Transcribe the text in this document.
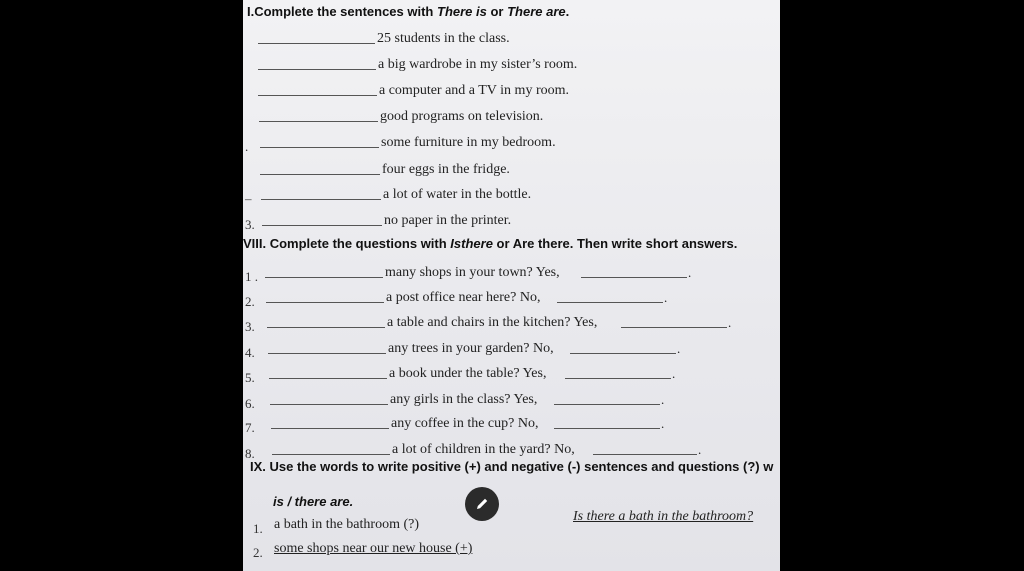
I.Complete the sentences with There is or There are.
25 students in the class.
a big wardrobe in my sister’s room.
a computer and a TV in my room.
good programs on television.
.	some furniture in my bedroom.
four eggs in the fridge.
–	a lot of water in the bottle.
3.	no paper in the printer.
VIII. Complete the questions with Isthere or Are there. Then write short answers.
1 .	many shops in your town? Yes,	.
2.	a post office near here? No,	.
3.	a table and chairs in the kitchen? Yes,	.
4.	any trees in your garden? No,	.
5.	a book under the table? Yes,	.
6.	any girls in the class? Yes,	.
7.	any coffee in the cup? No,	.
8.	a lot of children in the yard? No,	.
IX. Use the words to write positive (+) and negative (-) sentences and questions (?) w
is / there are.
1. a bath in the bathroom (?)
Is there a bath in the bathroom?
2. some shops near our new house (+)
